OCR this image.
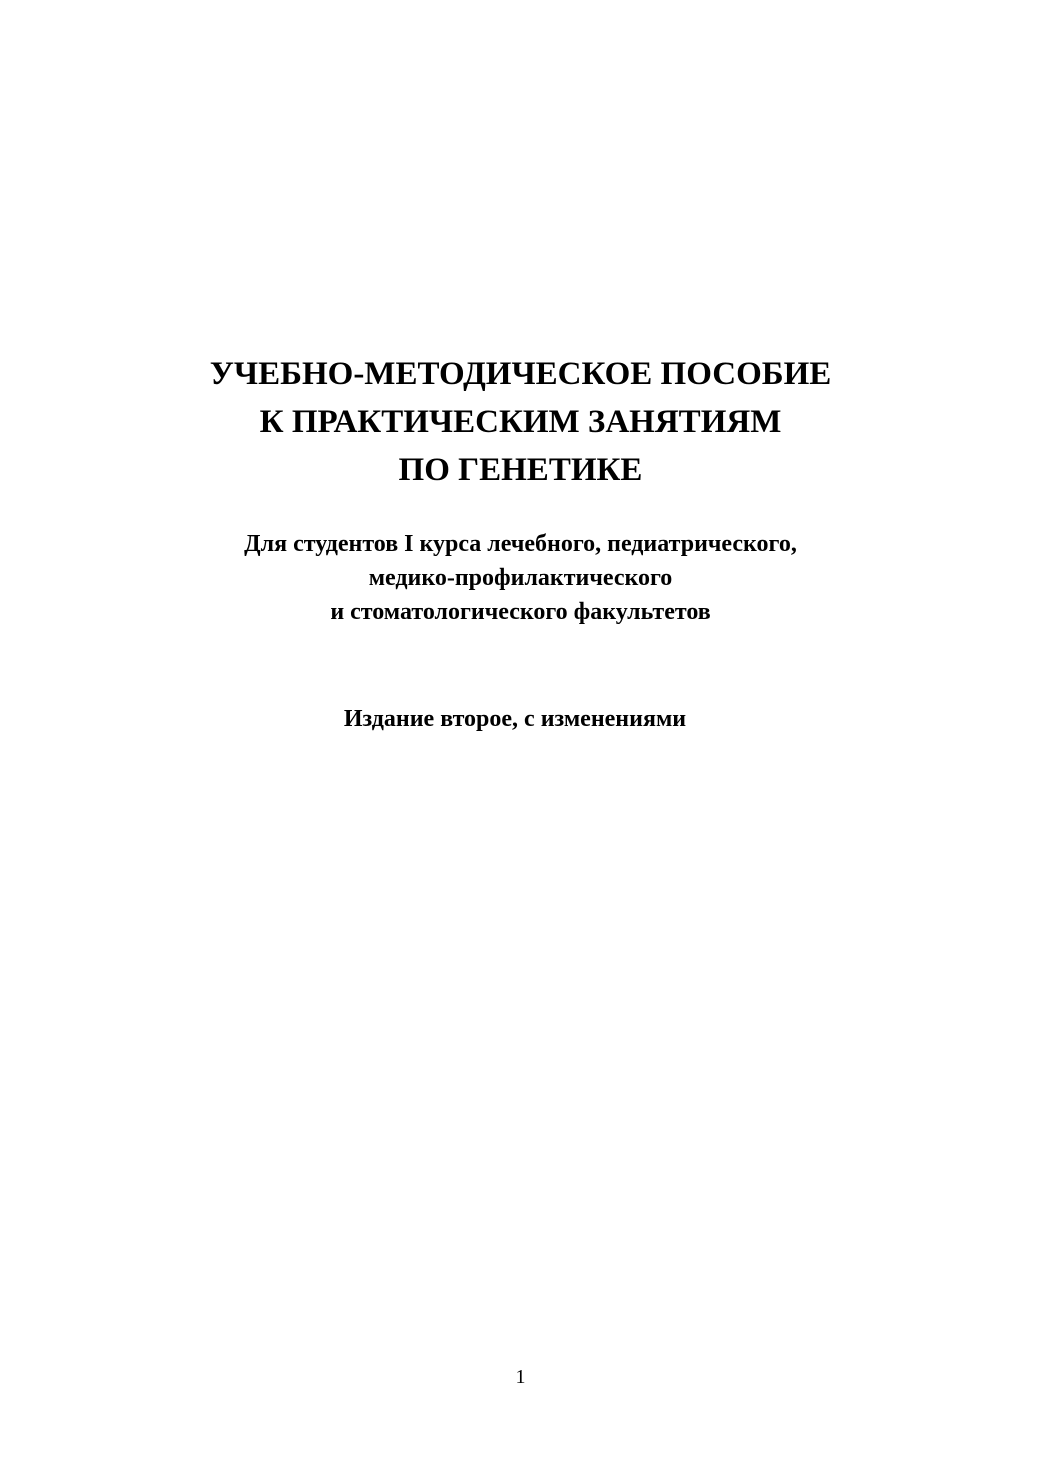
УЧЕБНО-МЕТОДИЧЕСКОЕ ПОСОБИЕ
К ПРАКТИЧЕСКИМ ЗАНЯТИЯМ
ПО ГЕНЕТИКЕ
Для студентов I курса лечебного, педиатрического,
медико-профилактического
и стоматологического факультетов
Издание второе, с изменениями
1
